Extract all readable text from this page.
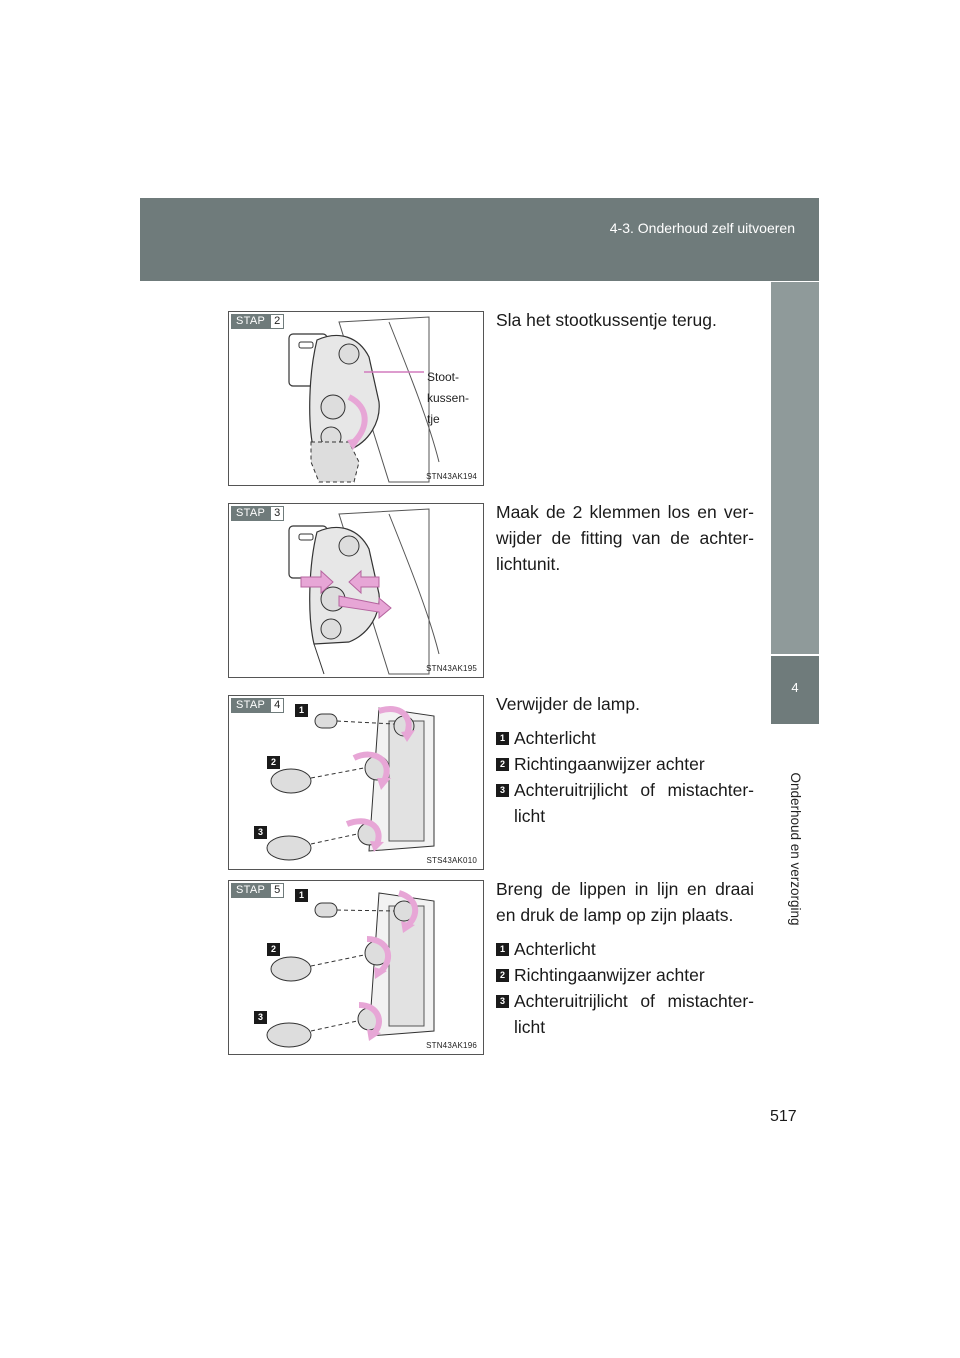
4-3. Onderhoud zelf uitvoeren
4
Onderhoud en verzorging
STAP 2
Stoot-
kussen-
tje
STN43AK194
Sla het stootkussentje terug.
STAP 3
STN43AK195
Maak de 2 klemmen los en ver-wijder de fitting van de achter-lichtunit.
STAP 4	1
2
3
STS43AK010
Verwijder de lamp.
1 Achterlicht
2 Richtingaanwijzer achter
3 Achteruitrijlicht of mistachter-licht
STAP 5	1
2
3
STN43AK196
Breng de lippen in lijn en draai en druk de lamp op zijn plaats.
1 Achterlicht
2 Richtingaanwijzer achter
3 Achteruitrijlicht of mistachter-licht
517
